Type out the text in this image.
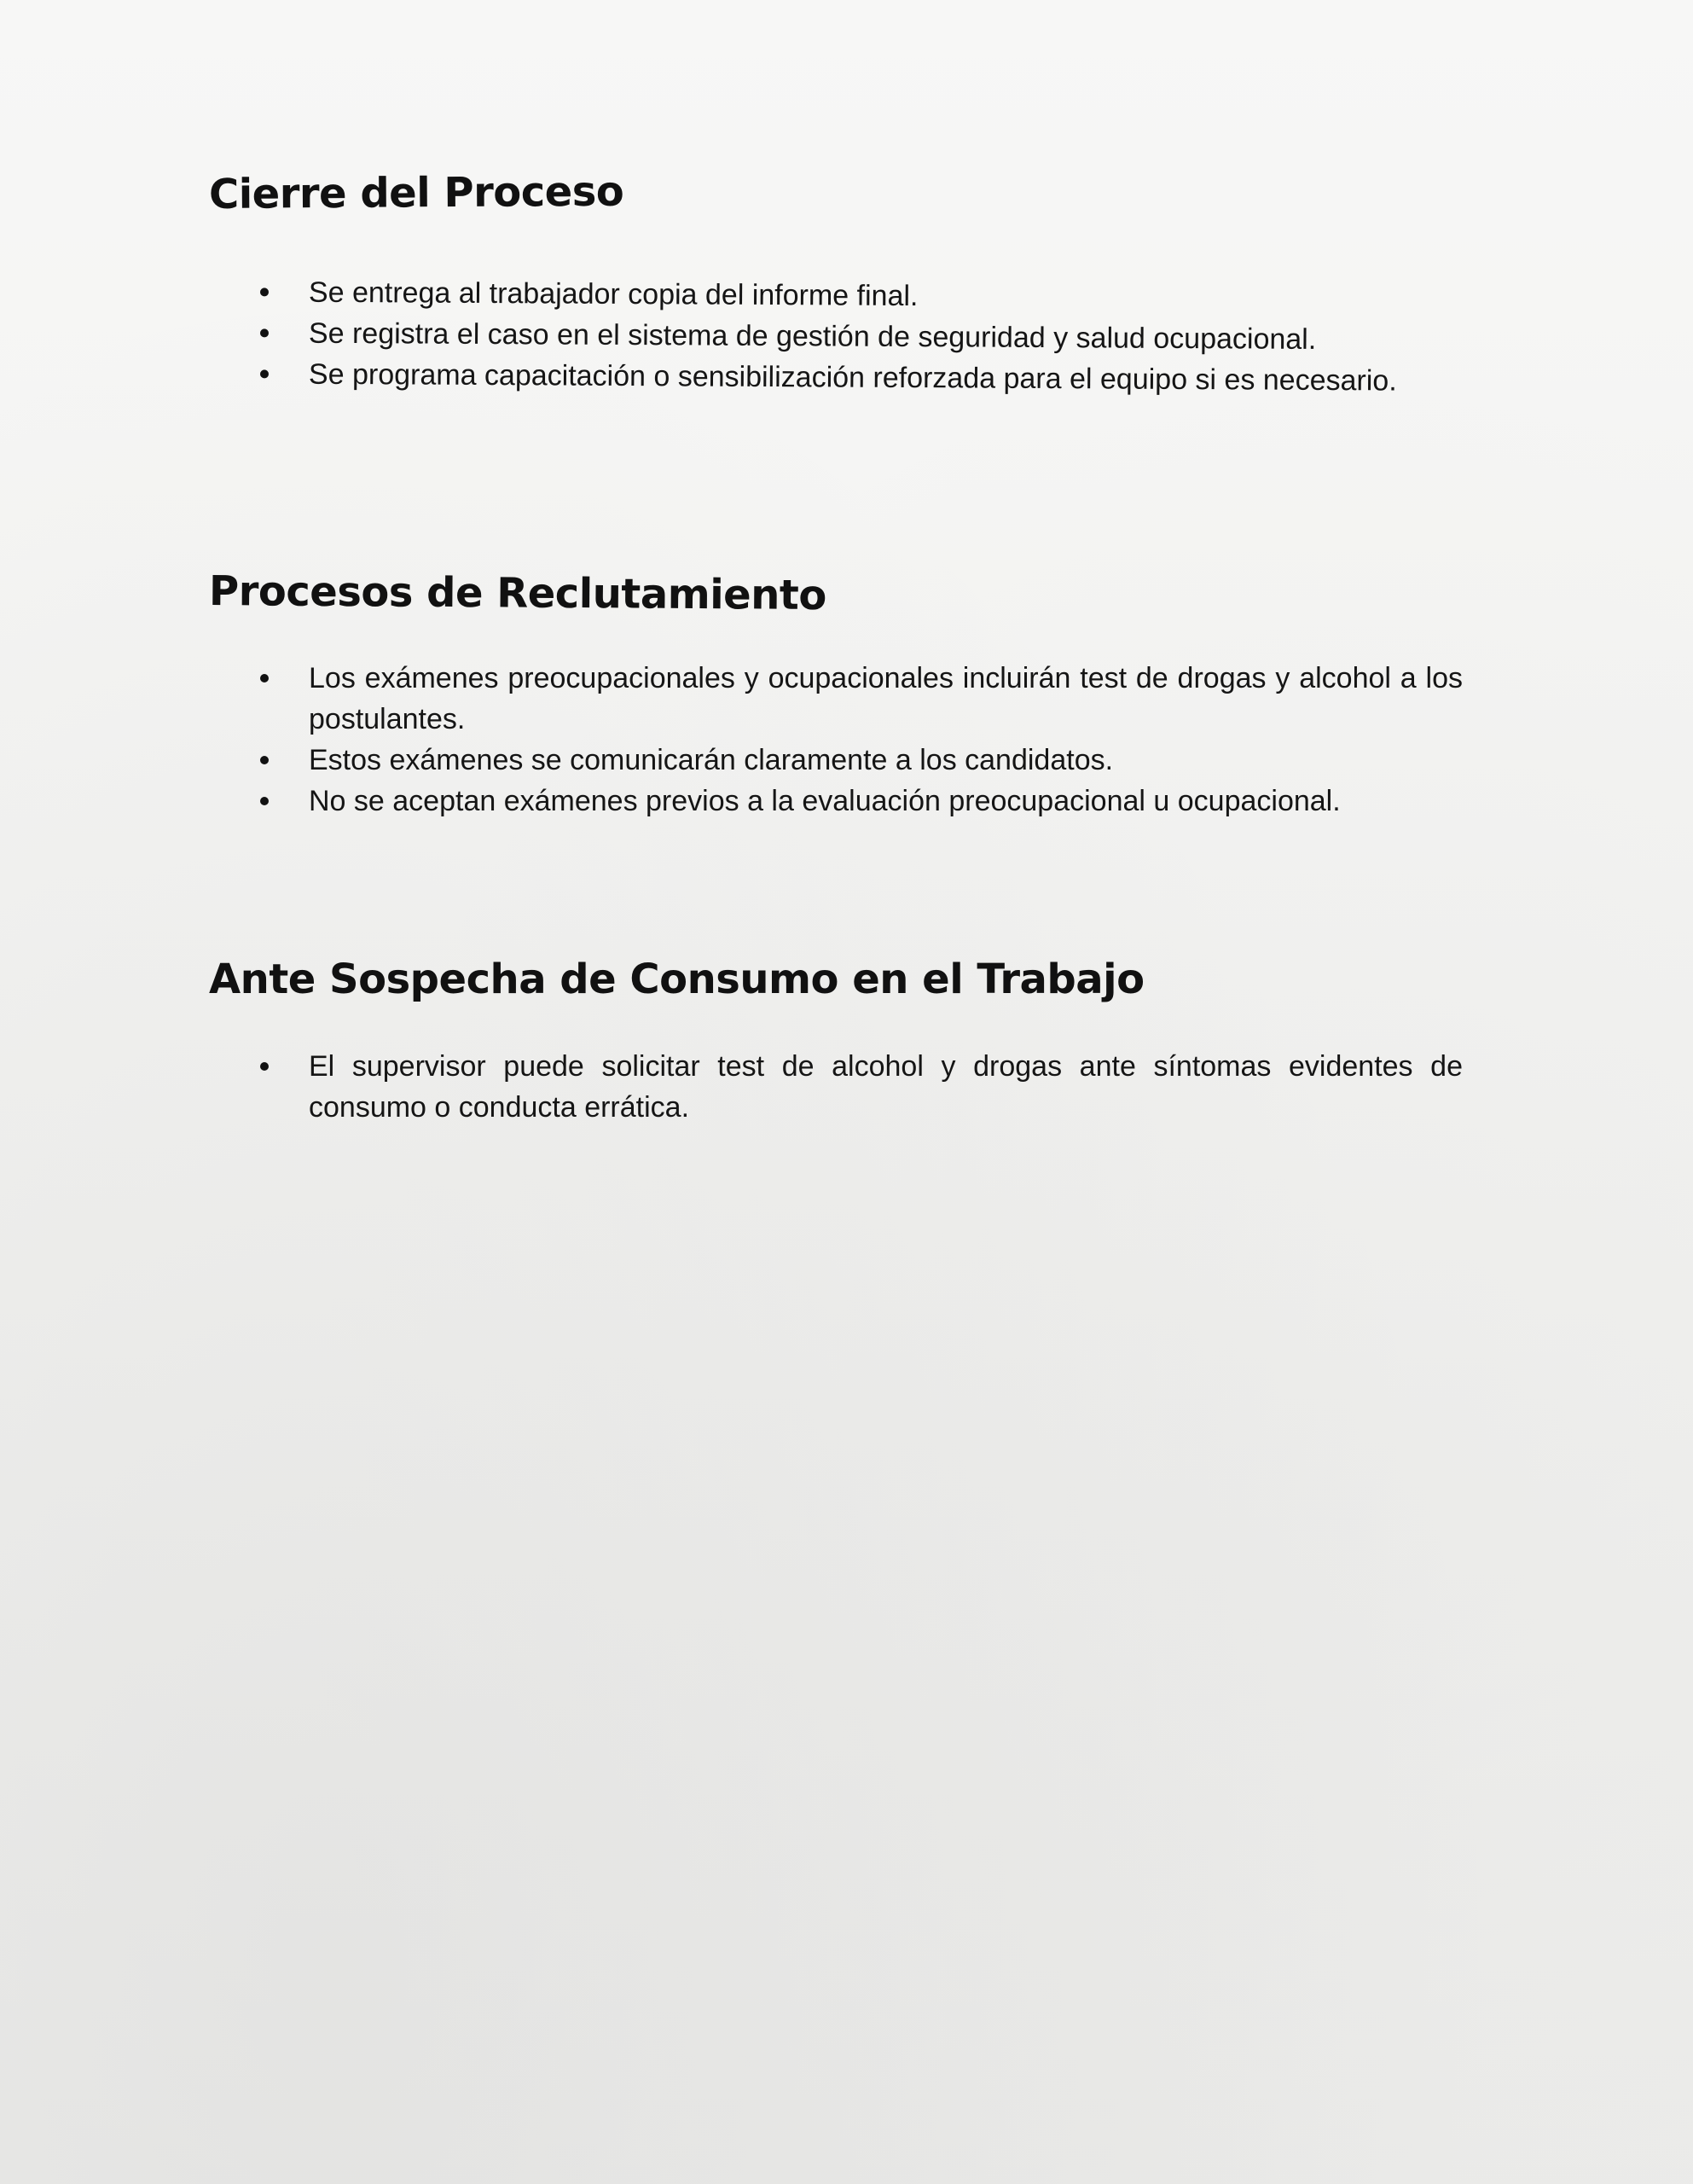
Cierre del Proceso
Se entrega al trabajador copia del informe final.
Se registra el caso en el sistema de gestión de seguridad y salud ocupacional.
Se programa capacitación o sensibilización reforzada para el equipo si es necesario.
Procesos de Reclutamiento
Los exámenes preocupacionales y ocupacionales incluirán test de drogas y alcohol a los postulantes.
Estos exámenes se comunicarán claramente a los candidatos.
No se aceptan exámenes previos a la evaluación preocupacional u ocupacional.
Ante Sospecha de Consumo en el Trabajo
El supervisor puede solicitar test de alcohol y drogas ante síntomas evidentes de consumo o conducta errática.
